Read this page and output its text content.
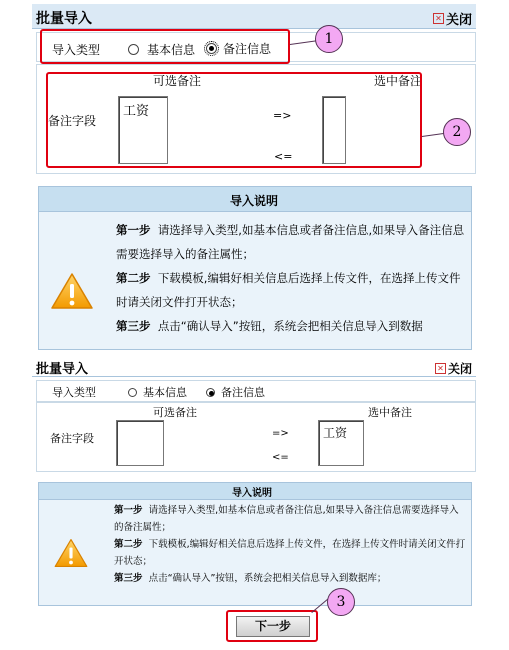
批量导入	✕ 关闭
导入类型	基本信息 备注信息
可选备注	选中备注
备注字段
工资	=>
<=
1
2
导入说明

第一步 请选择导入类型,如基本信息或者备注信息,如果导入备注信息需要选择导入的备注属性；

第二步 下载模板,编辑好相关信息后选择上传文件，在选择上传文件时请关闭文件打开状态；

第三步 点击“确认导入”按钮，系统会把相关信息导入到数据

批量导入	✕ 关闭
导入类型	基本信息	备注信息
可选备注	选中备注
备注字段	=>
<=
工资
导入说明

第一步 请选择导入类型,如基本信息或者备注信息,如果导入备注信息需要选择导入的备注属性；

第二步 下载模板,编辑好相关信息后选择上传文件，在选择上传文件时请关闭文件打开状态；

第三步 点击“确认导入”按钮，系统会把相关信息导入到数据库；

下一步
3
